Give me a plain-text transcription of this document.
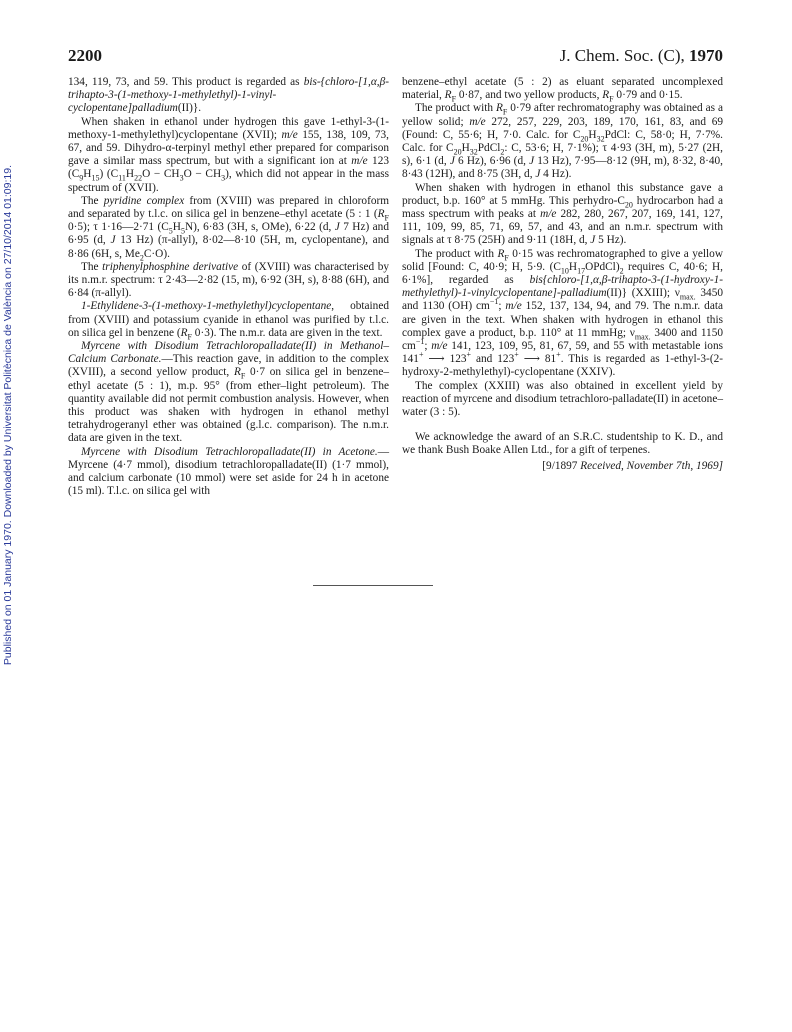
Published on 01 January 1970. Downloaded by Universitat Politècnica de València on 27/10/2014 01:09:19.
2200	J. Chem. Soc. (C), 1970

134, 119, 73, and 59. This product is regarded as bis-{chloro-[1,α,β-trihapto-3-(1-methoxy-1-methylethyl)-1-vinyl-cyclopentane]palladium(II)}.

When shaken in ethanol under hydrogen this gave 1-ethyl-3-(1-methoxy-1-methylethyl)cyclopentane (XVII); m/e 155, 138, 109, 73, 67, and 59. Dihydro-α-terpinyl methyl ether prepared for comparison gave a similar mass spectrum, but with a significant ion at m/e 123 $(C_9H_{15}) (C_{11}H_{22}O - CH_3O - CH_3)$, which did not appear in the mass spectrum of (XVII).

The pyridine complex from (XVIII) was prepared in chloroform and separated by t.l.c. on silica gel in benzene–ethyl acetate (5 : 1 ($R_F$ 0·5); τ 1·16—2·71 $(C_5H_5N)$, 6·83 (3H, s, OMe), 6·22 (d, J 7 Hz) and 6·95 (d, J 13 Hz) (π-allyl), 8·02—8·10 (5H, m, cyclopentane), and 8·86 (6H, s, $Me_2C\cdot O$).

The triphenylphosphine derivative of (XVIII) was characterised by its n.m.r. spectrum: τ 2·43—2·82 (15, m), 6·92 (3H, s), 8·88 (6H), and 6·84 (π-allyl).

1-Ethylidene-3-(1-methoxy-1-methylethyl)cyclopentane, obtained from (XVIII) and potassium cyanide in ethanol was purified by t.l.c. on silica gel in benzene ($R_F$ 0·3). The n.m.r. data are given in the text.

Myrcene with Disodium Tetrachloropalladate(II) in Methanol–Calcium Carbonate.—This reaction gave, in addition to the complex (XVIII), a second yellow product, $R_F$ 0·7 on silica gel in benzene–ethyl acetate (5 : 1), m.p. 95° (from ether–light petroleum). The quantity available did not permit combustion analysis. However, when this product was shaken with hydrogen in ethanol methyl tetrahydrogeranyl ether was obtained (g.l.c. comparison). The n.m.r. data are given in the text.

Myrcene with Disodium Tetrachloropalladate(II) in Acetone.—Myrcene (4·7 mmol), disodium tetrachloropalladate(II) (1·7 mmol), and calcium carbonate (10 mmol) were set aside for 24 h in acetone (15 ml). T.l.c. on silica gel with

benzene–ethyl acetate (5 : 2) as eluant separated uncomplexed material, $R_F$ 0·87, and two yellow products, $R_F$ 0·79 and 0·15.

The product with $R_F$ 0·79 after rechromatography was obtained as a yellow solid; m/e 272, 257, 229, 203, 189, 170, 161, 83, and 69 (Found: C, 55·6; H, 7·0. Calc. for $C_{20}H_{32}PdCl$: C, 58·0; H, 7·7%. Calc. for $C_{20}H_{32}PdCl_2$: C, 53·6; H, 7·1%); τ 4·93 (3H, m), 5·27 (2H, s), 6·1 (d, J 6 Hz), 6·96 (d, J 13 Hz), 7·95—8·12 (9H, m), 8·32, 8·40, 8·43 (12H), and 8·75 (3H, d, J 4 Hz).

When shaken with hydrogen in ethanol this substance gave a product, b.p. 160° at 5 mmHg. This perhydro-$C_{20}$ hydrocarbon had a mass spectrum with peaks at m/e 282, 280, 267, 207, 169, 141, 127, 111, 109, 99, 85, 71, 69, 57, and 43, and an n.m.r. spectrum with signals at τ 8·75 (25H) and 9·11 (18H, d, J 5 Hz).

The product with $R_F$ 0·15 was rechromatographed to give a yellow solid [Found: C, 40·9; H, 5·9. $(C_{10}H_{17}OPdCl)_2$ requires C, 40·6; H, 6·1%], regarded as bis{chloro-[1,α,β-trihapto-3-(1-hydroxy-1-methylethyl)-1-vinylcyclopentane]-palladium(II)} (XXIII); $\nu_{max.}$ 3450 and 1130 (OH) $cm^{-1}$; m/e 152, 137, 134, 94, and 79. The n.m.r. data are given in the text. When shaken with hydrogen in ethanol this complex gave a product, b.p. 110° at 11 mmHg; $\nu_{max.}$ 3400 and 1150 $cm^{-1}$; m/e 141, 123, 109, 95, 81, 67, 59, and 55 with metastable ions 141+ ⟶ 123+ and 123+ ⟶ 81+. This is regarded as 1-ethyl-3-(2-hydroxy-2-methylethyl)-cyclopentane (XXIV).

The complex (XXIII) was also obtained in excellent yield by reaction of myrcene and disodium tetrachloro-palladate(II) in acetone–water (3 : 5).

We acknowledge the award of an S.R.C. studentship to K. D., and we thank Bush Boake Allen Ltd., for a gift of terpenes.

[9/1897 Received, November 7th, 1969]
